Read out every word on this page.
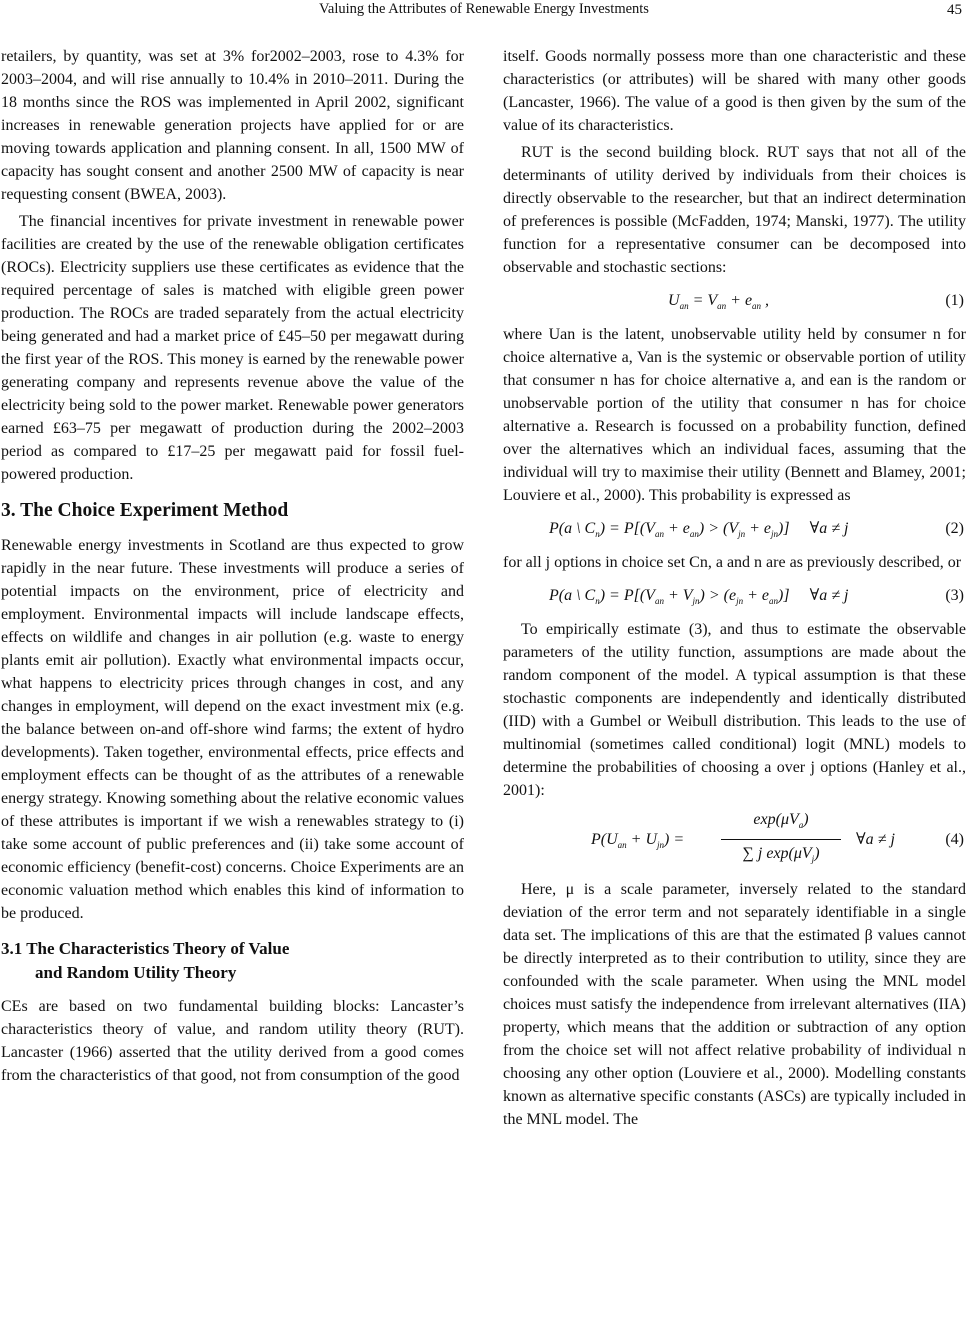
Valuing the Attributes of Renewable Energy Investments	45

retailers, by quantity, was set at 3% for2002–2003, rose to 4.3% for 2003–2004, and will rise annually to 10.4% in 2010–2011. During the 18 months since the ROS was implemented in April 2002, significant increases in renewable generation projects have applied for or are moving towards application and planning consent. In all, 1500 MW of capacity has sought consent and another 2500 MW of capacity is near requesting consent (BWEA, 2003).

The financial incentives for private investment in renewable power facilities are created by the use of the renewable obligation certificates (ROCs). Electricity suppliers use these certificates as evidence that the required percentage of sales is matched with eligible green power production. The ROCs are traded separately from the actual electricity being generated and had a market price of £45–50 per megawatt during the first year of the ROS. This money is earned by the renewable power generating company and represents revenue above the value of the electricity being sold to the power market. Renewable power generators earned £63–75 per megawatt of production during the 2002–2003 period as compared to £17–25 per megawatt paid for fossil fuel-powered production.

3. The Choice Experiment Method

Renewable energy investments in Scotland are thus expected to grow rapidly in the near future. These investments will produce a series of potential impacts on the environment, price of electricity and employment. Environmental impacts will include landscape effects, effects on wildlife and changes in air pollution (e.g. waste to energy plants emit air pollution). Exactly what environmental impacts occur, what happens to electricity prices through changes in cost, and any changes in employment, will depend on the exact investment mix (e.g. the balance between on-and off-shore wind farms; the extent of hydro developments). Taken together, environmental effects, price effects and employment effects can be thought of as the attributes of a renewable energy strategy. Knowing something about the relative economic values of these attributes is important if we wish a renewables strategy to (i) take some account of public preferences and (ii) take some account of economic efficiency (benefit-cost) concerns. Choice Experiments are an economic valuation method which enables this kind of information to be produced.

3.1 The Characteristics Theory of Value
and Random Utility Theory

CEs are based on two fundamental building blocks: Lancaster’s characteristics theory of value, and random utility theory (RUT). Lancaster (1966) asserted that the utility derived from a good comes from the characteristics of that good, not from consumption of the good

itself. Goods normally possess more than one characteristic and these characteristics (or attributes) will be shared with many other goods (Lancaster, 1966). The value of a good is then given by the sum of the value of its characteristics.

RUT is the second building block. RUT says that not all of the determinants of utility derived by individuals from their choices is directly observable to the researcher, but that an indirect determination of preferences is possible (McFadden, 1974; Manski, 1977). The utility function for a representative consumer can be decomposed into observable and stochastic sections:

$U_{an} = V_{an} + e_{an}$ ,	(1)

where Uan is the latent, unobservable utility held by consumer n for choice alternative a, Van is the systemic or observable portion of utility that consumer n has for choice alternative a, and ean is the random or unobservable portion of the utility that consumer n has for choice alternative a. Research is focussed on a probability function, defined over the alternatives which an individual faces, assuming that the individual will try to maximise their utility (Bennett and Blamey, 2001; Louviere et al., 2000). This probability is expressed as

P(a \ $C_n) = P[(V_{an} + e_{an}) > (V_{jn} + e_{jn})]$     ∀a ≠ j	(2)

for all j options in choice set Cn, a and n are as previously described, or

P(a \ $C_n) = P[(V_{an} + V_{jn}) > (e_{jn} + e_{an})]$     ∀a ≠ j	(3)

To empirically estimate (3), and thus to estimate the observable parameters of the utility function, assumptions are made about the random component of the model. A typical assumption is that these stochastic components are independently and identically distributed (IID) with a Gumbel or Weibull distribution. This leads to the use of multinomial (sometimes called conditional) logit (MNL) models to determine the probabilities of choosing a over j options (Hanley et al., 2001):

$P(U_{an} + U_{jn})$ =
$\exp(\mu V_a)$
∑ j $\exp(\mu V_j)$
∀a ≠ j	(4)

Here, μ is a scale parameter, inversely related to the standard deviation of the error term and not separately identifiable in a single data set. The implications of this are that the estimated β values cannot be directly interpreted as to their contribution to utility, since they are confounded with the scale parameter. When using the MNL model choices must satisfy the independence from irrelevant alternatives (IIA) property, which means that the addition or subtraction of any option from the choice set will not affect relative probability of individual n choosing any other option (Louviere et al., 2000). Modelling constants known as alternative specific constants (ASCs) are typically included in the MNL model. The
